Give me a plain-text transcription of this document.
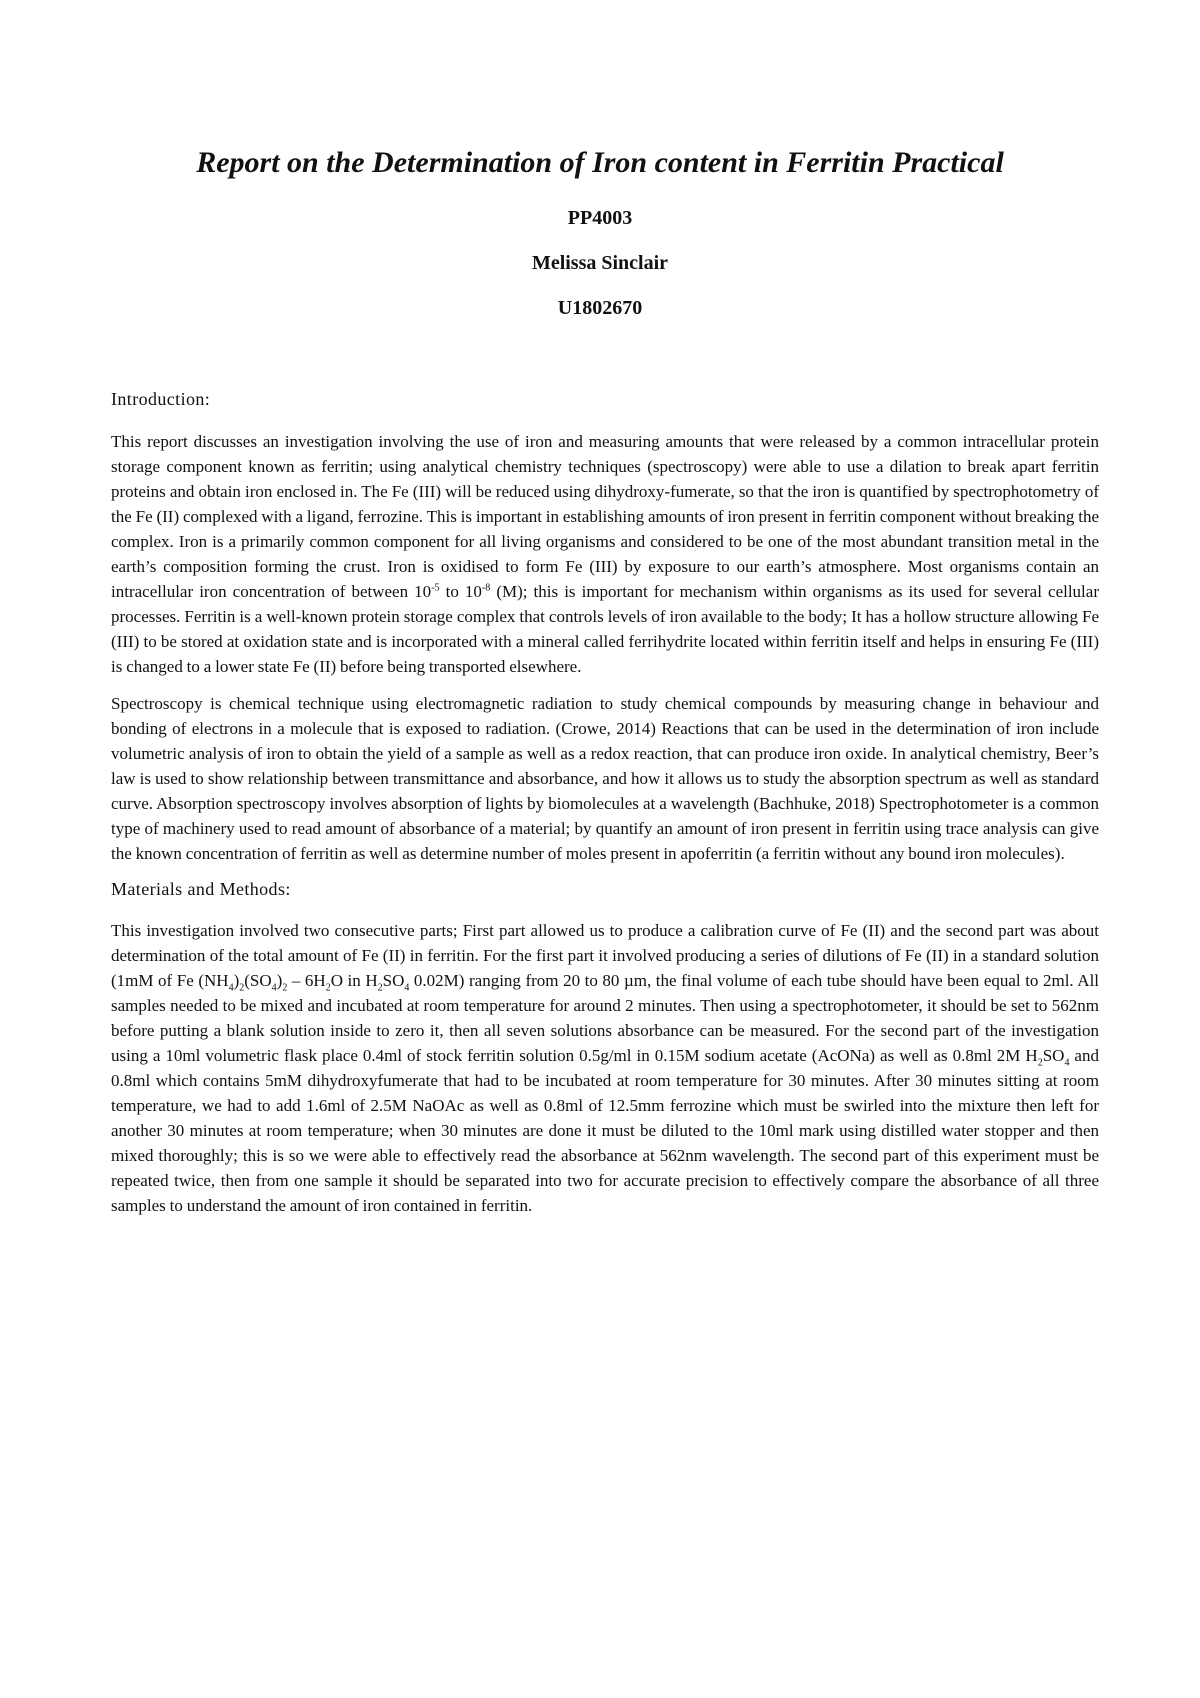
Report on the Determination of Iron content in Ferritin Practical
PP4003
Melissa Sinclair
U1802670
Introduction:

This report discusses an investigation involving the use of iron and measuring amounts that were released by a common intracellular protein storage component known as ferritin; using analytical chemistry techniques (spectroscopy) were able to use a dilation to break apart ferritin proteins and obtain iron enclosed in. The Fe (III) will be reduced using dihydroxy-fumerate, so that the iron is quantified by spectrophotometry of the Fe (II) complexed with a ligand, ferrozine. This is important in establishing amounts of iron present in ferritin component without breaking the complex. Iron is a primarily common component for all living organisms and considered to be one of the most abundant transition metal in the earth’s composition forming the crust. Iron is oxidised to form Fe (III) by exposure to our earth’s atmosphere. Most organisms contain an intracellular iron concentration of between $10^{-5}$ to $10^{-8}$ (M); this is important for mechanism within organisms as its used for several cellular processes. Ferritin is a well-known protein storage complex that controls levels of iron available to the body; It has a hollow structure allowing Fe (III) to be stored at oxidation state and is incorporated with a mineral called ferrihydrite located within ferritin itself and helps in ensuring Fe (III) is changed to a lower state Fe (II) before being transported elsewhere.

Spectroscopy is chemical technique using electromagnetic radiation to study chemical compounds by measuring change in behaviour and bonding of electrons in a molecule that is exposed to radiation. (Crowe, 2014) Reactions that can be used in the determination of iron include volumetric analysis of iron to obtain the yield of a sample as well as a redox reaction, that can produce iron oxide. In analytical chemistry, Beer’s law is used to show relationship between transmittance and absorbance, and how it allows us to study the absorption spectrum as well as standard curve. Absorption spectroscopy involves absorption of lights by biomolecules at a wavelength (Bachhuke, 2018) Spectrophotometer is a common type of machinery used to read amount of absorbance of a material; by quantify an amount of iron present in ferritin using trace analysis can give the known concentration of ferritin as well as determine number of moles present in apoferritin (a ferritin without any bound iron molecules).

Materials and Methods:

This investigation involved two consecutive parts; First part allowed us to produce a calibration curve of Fe (II) and the second part was about determination of the total amount of Fe (II) in ferritin. For the first part it involved producing a series of dilutions of Fe (II) in a standard solution (1mM of Fe $(NH_4)_2(SO_4)_2 - 6H_2O$ in $H_2SO_4$ 0.02M) ranging from 20 to 80 µm, the final volume of each tube should have been equal to 2ml. All samples needed to be mixed and incubated at room temperature for around 2 minutes. Then using a spectrophotometer, it should be set to 562nm before putting a blank solution inside to zero it, then all seven solutions absorbance can be measured. For the second part of the investigation using a 10ml volumetric flask place 0.4ml of stock ferritin solution 0.5g/ml in 0.15M sodium acetate (AcONa) as well as 0.8ml 2M $H_2SO_4$ and 0.8ml which contains 5mM dihydroxyfumerate that had to be incubated at room temperature for 30 minutes. After 30 minutes sitting at room temperature, we had to add 1.6ml of 2.5M NaOAc as well as 0.8ml of 12.5mm ferrozine which must be swirled into the mixture then left for another 30 minutes at room temperature; when 30 minutes are done it must be diluted to the 10ml mark using distilled water stopper and then mixed thoroughly; this is so we were able to effectively read the absorbance at 562nm wavelength. The second part of this experiment must be repeated twice, then from one sample it should be separated into two for accurate precision to effectively compare the absorbance of all three samples to understand the amount of iron contained in ferritin.
